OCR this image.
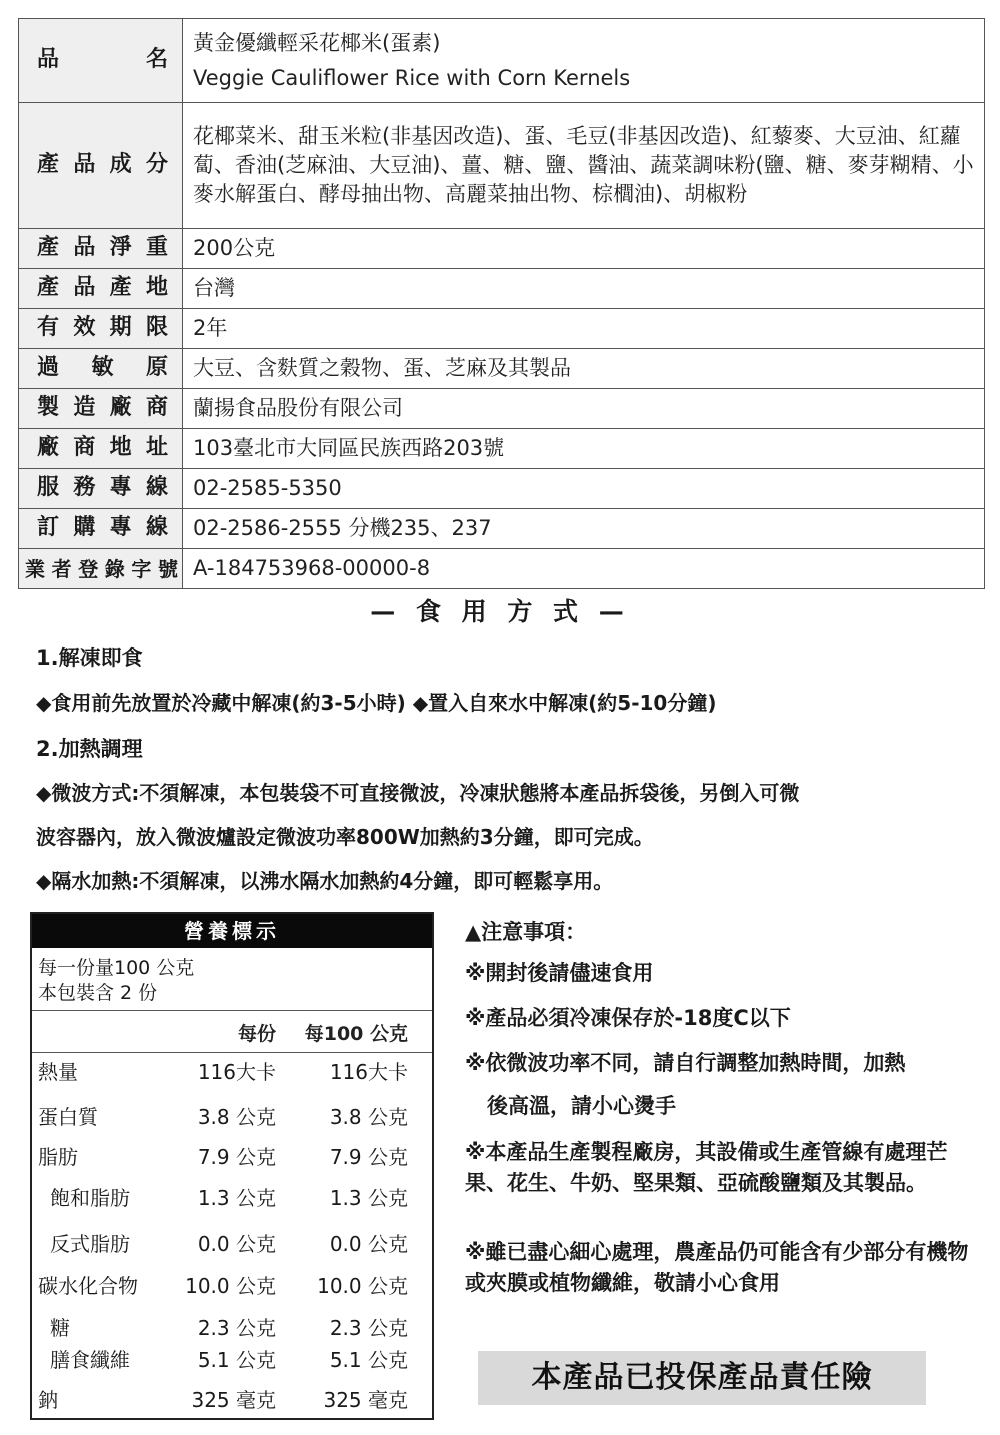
品名	黃金優纖輕采花椰米(蛋素)
Veggie Cauliflower Rice with Corn Kernels

產品成分	花椰菜米、甜玉米粒(非基因改造)、蛋、毛豆(非基因改造)、紅藜麥、大豆油、紅蘿蔔、香油(芝麻油、大豆油)、薑、糖、鹽、醬油、蔬菜調味粉(鹽、糖、麥芽糊精、小麥水解蛋白、酵母抽出物、高麗菜抽出物、棕櫚油)、胡椒粉
產品淨重	200公克
產品產地	台灣
有效期限	2年
過敏原	大豆、含麩質之穀物、蛋、芝麻及其製品
製造廠商	蘭揚食品股份有限公司
廠商地址	103臺北市大同區民族西路203號
服務專線	02-2585-5350
訂購專線	02-2586-2555 分機235、237
業者登錄字號	A-184753968-00000-8
— 食 用 方 式 —
1.解凍即食
◆食用前先放置於冷藏中解凍(約3-5小時) ◆置入自來水中解凍(約5-10分鐘)
2.加熱調理
◆微波方式:不須解凍，本包裝袋不可直接微波，冷凍狀態將本產品拆袋後，另倒入可微
波容器內，放入微波爐設定微波功率800W加熱約3分鐘，即可完成。
◆隔水加熱:不須解凍，以沸水隔水加熱約4分鐘，即可輕鬆享用。
營養標示
每一份量100 公克
本包裝含 2 份
每份 每100 公克
熱量	116大卡	116大卡
蛋白質	3.8 公克	3.8 公克
脂肪	7.9 公克	7.9 公克
飽和脂肪	1.3 公克	1.3 公克
反式脂肪	0.0 公克	0.0 公克
碳水化合物 10.0 公克 10.0 公克
糖	2.3 公克	2.3 公克
膳食纖維	5.1 公克	5.1 公克
鈉	325 毫克 325 毫克
▲注意事項：
※開封後請儘速食用
※產品必須冷凍保存於-18度C以下
※依微波功率不同，請自行調整加熱時間，加熱
後高溫，請小心燙手
※本產品生產製程廠房，其設備或生產管線有處理芒果、花生、牛奶、堅果類、亞硫酸鹽類及其製品。
※雖已盡心細心處理，農產品仍可能含有少部分有機物或夾膜或植物纖維，敬請小心食用
本產品已投保產品責任險
